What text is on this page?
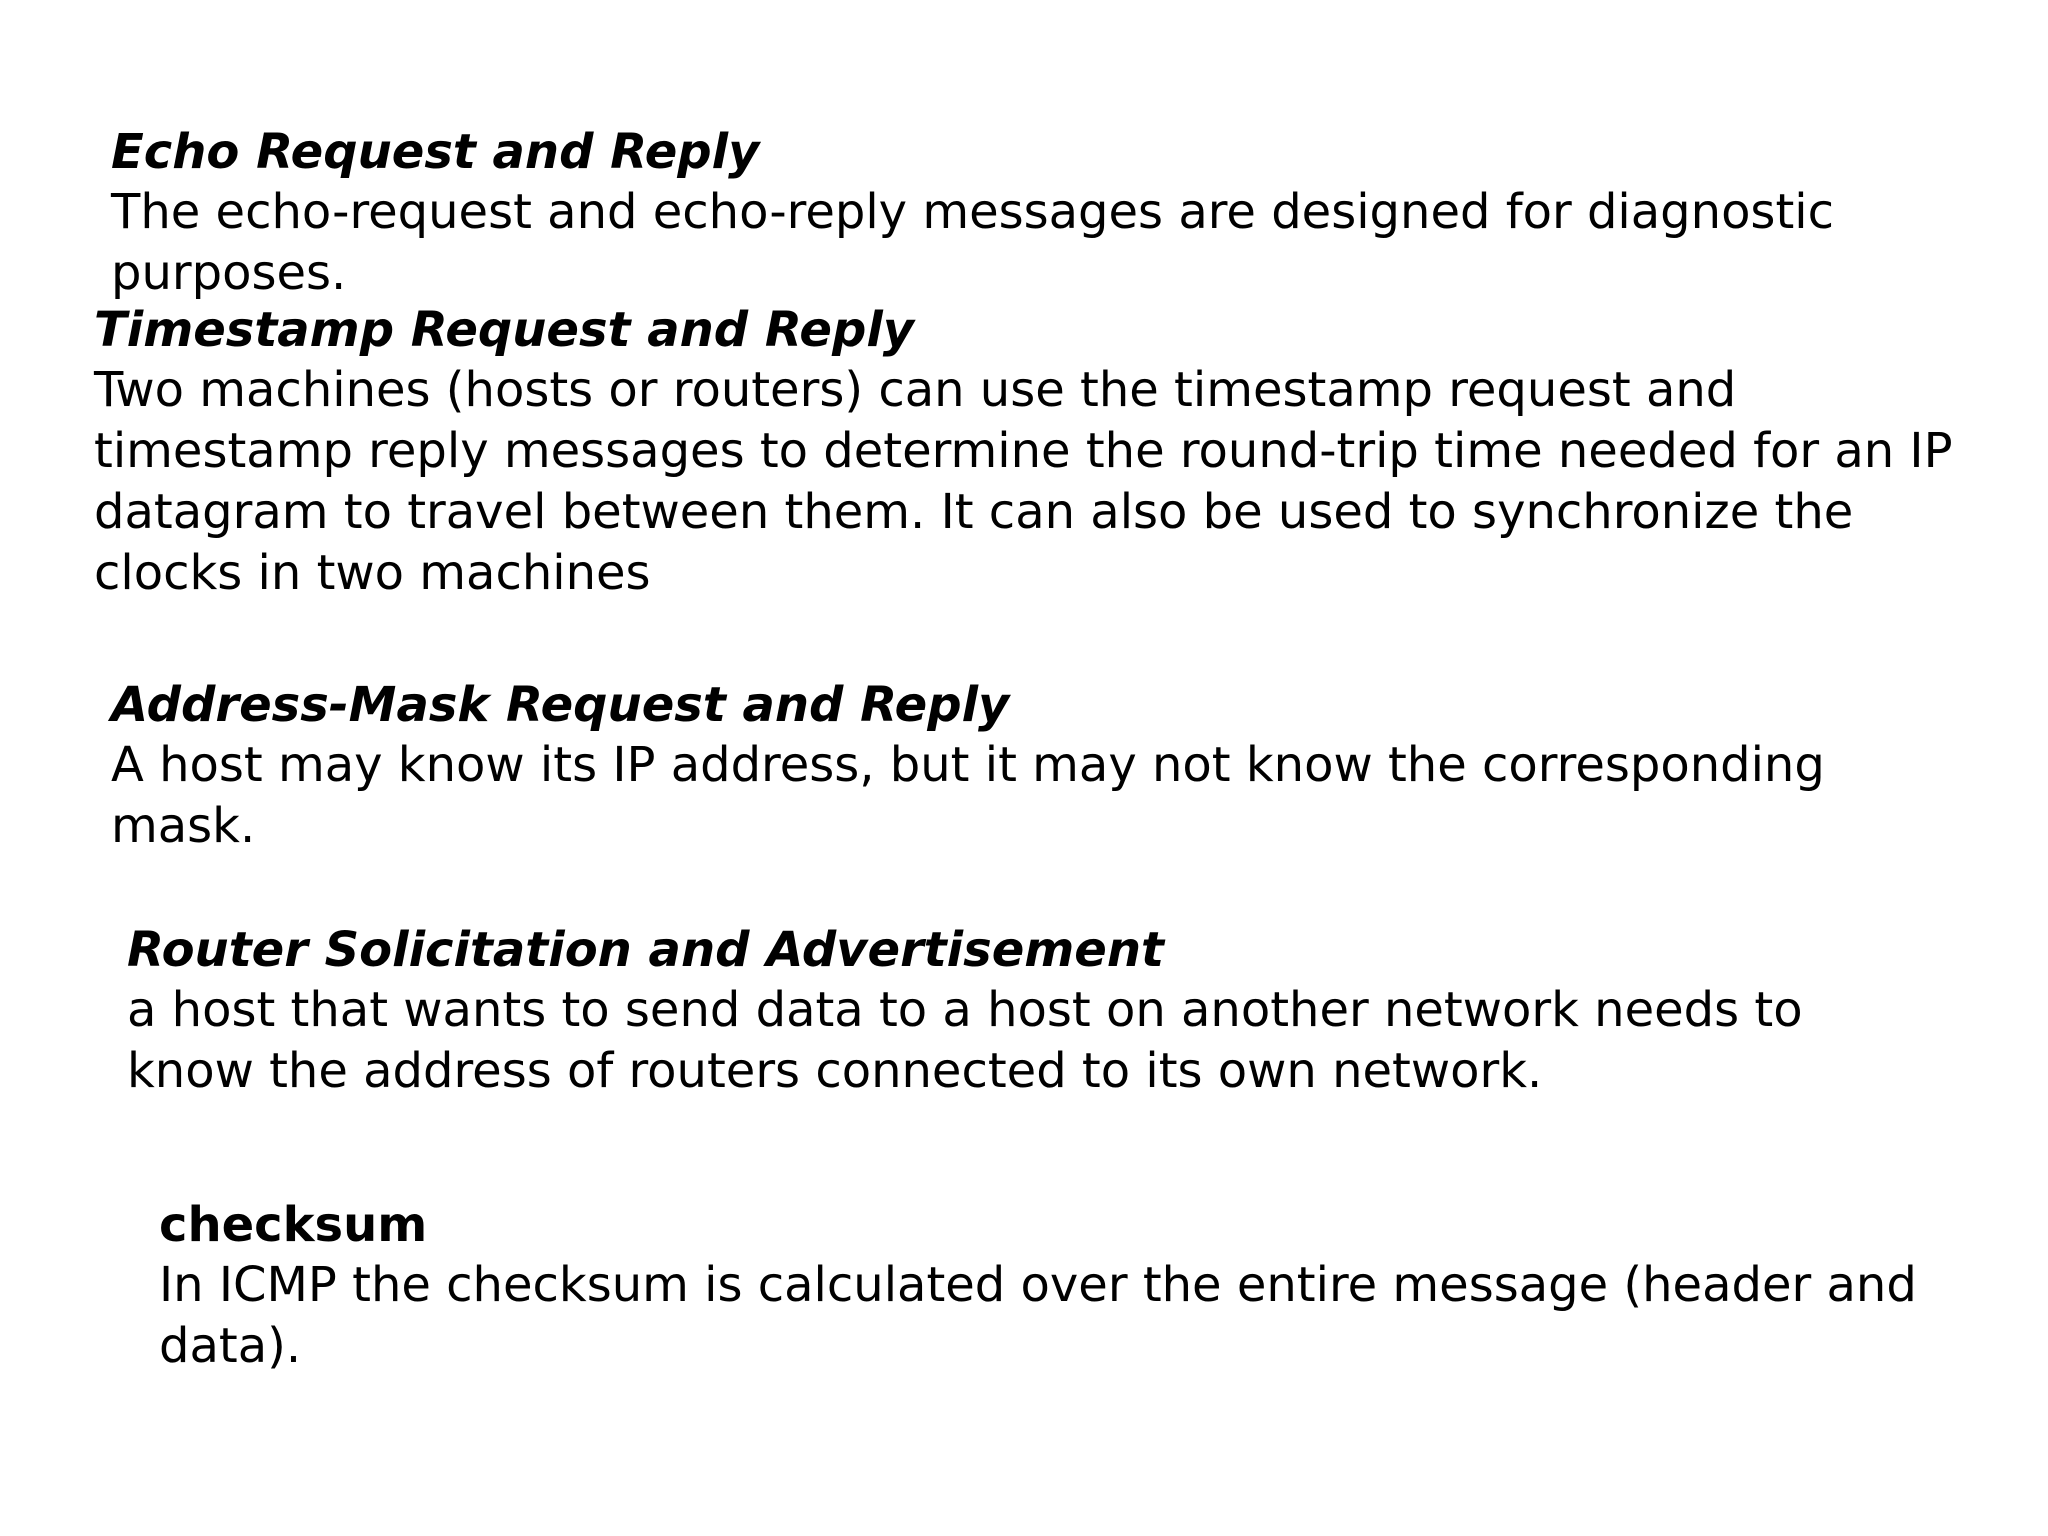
Echo Request and Reply

The echo-request and echo-reply messages are designed for diagnostic purposes.

Timestamp Request and Reply

Two machines (hosts or routers) can use the timestamp request and
timestamp reply messages to determine the round-trip time needed for an IP
datagram to travel between them. It can also be used to synchronize the
clocks in two machines

Address-Mask Request and Reply

A host may know its IP address, but it may not know the corresponding
mask.

Router Solicitation and Advertisement

a host that wants to send data to a host on another network needs to
know the address of routers connected to its own network.

checksum

In ICMP the checksum is calculated over the entire message (header and
data).
